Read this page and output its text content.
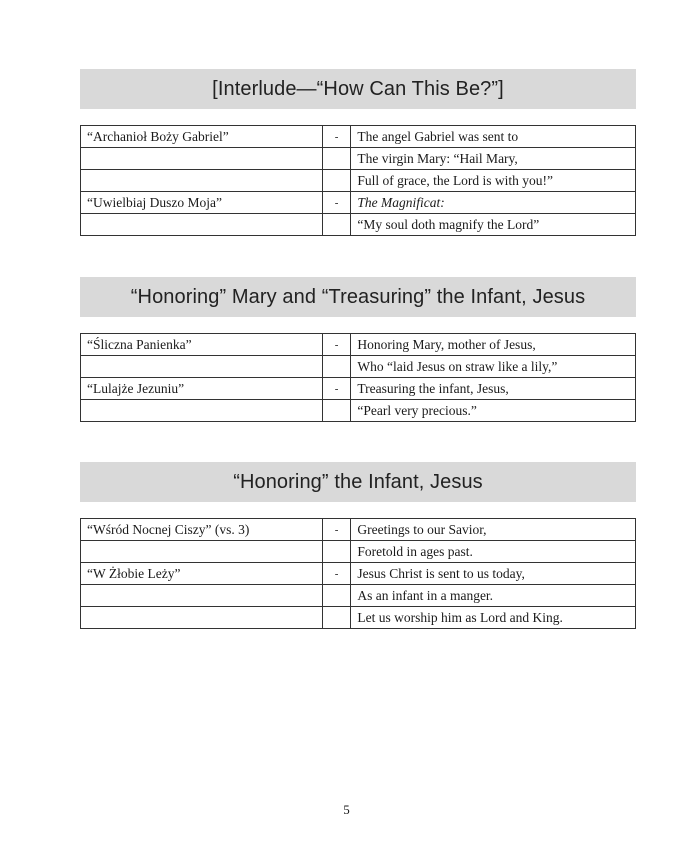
[Interlude—“How Can This Be?”]
“Archanioł Boży Gabriel”	-	The angel Gabriel was sent to
		The virgin Mary: “Hail Mary,
		Full of grace, the Lord is with you!”
“Uwielbiaj Duszo Moja”	-	The Magnificat:
		“My soul doth magnify the Lord”
“Honoring” Mary and “Treasuring” the Infant, Jesus
“Śliczna Panienka”	-	Honoring Mary, mother of Jesus,
		Who “laid Jesus on straw like a lily,”
“Lulajże Jezuniu”	-	Treasuring the infant, Jesus,
		“Pearl very precious.”
“Honoring” the Infant, Jesus
“Wśród Nocnej Ciszy” (vs. 3)	-	Greetings to our Savior,
		Foretold in ages past.
“W Żłobie Leży”	-	Jesus Christ is sent to us today,
		As an infant in a manger.
		Let us worship him as Lord and King.
5
